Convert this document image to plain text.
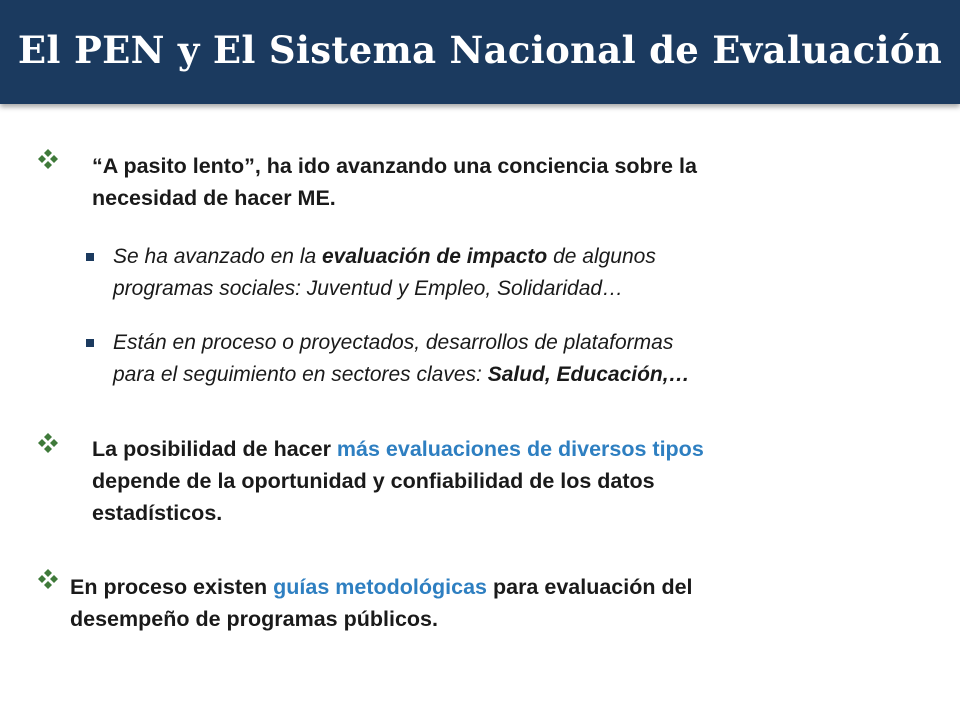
El PEN y El Sistema Nacional de Evaluación
“A pasito lento”, ha ido avanzando una conciencia sobre la
necesidad de hacer ME.
Se ha avanzado en la evaluación de impacto de algunos
programas sociales: Juventud y Empleo, Solidaridad…
Están en proceso o proyectados, desarrollos de plataformas
para el seguimiento en sectores claves: Salud, Educación,…
La posibilidad de hacer más evaluaciones de diversos tipos
depende de la oportunidad y confiabilidad de los datos
estadísticos.
En proceso existen guías metodológicas para evaluación del
desempeño de programas públicos.
